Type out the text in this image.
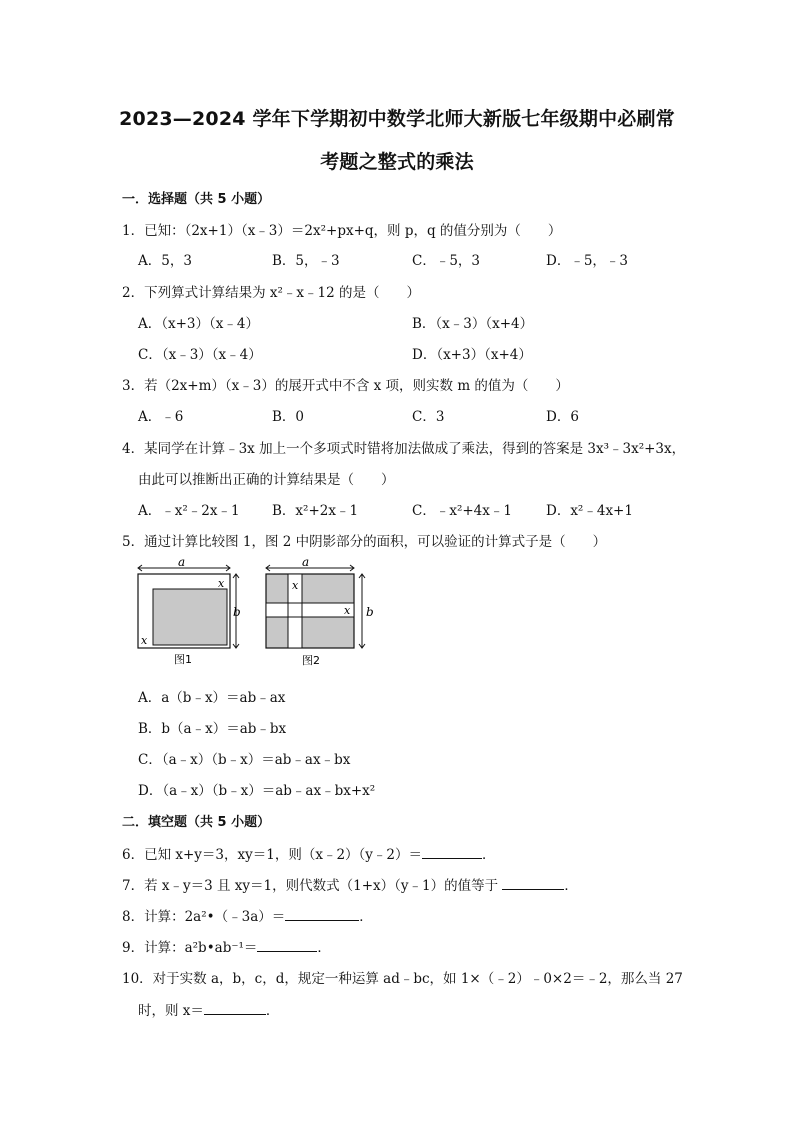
2023—2024 学年下学期初中数学北师大新版七年级期中必刷常
考题之整式的乘法
一．选择题（共 5 小题）
1．已知：（2x+1）（x﹣3）＝2x²+px+q，则 p，q 的值分别为（　　）
A．5，3	B．5，﹣3	C．﹣5，3	D．﹣5，﹣3
2．下列算式计算结果为 x²﹣x﹣12 的是（　　）
A．（x+3）（x﹣4）	B．（x﹣3）（x+4）
C．（x﹣3）（x﹣4）	D．（x+3）（x+4）
3．若（2x+m）（x﹣3）的展开式中不含 x 项，则实数 m 的值为（　　）
A．﹣6	B．0	C．3	D．6
4．某同学在计算﹣3x 加上一个多项式时错将加法做成了乘法，得到的答案是 3x³﹣3x²+3x，
由此可以推断出正确的计算结果是（　　）
A．﹣x²﹣2x﹣1 B．x²+2x﹣1	C．﹣x²+4x﹣1	D．x²﹣4x+1
5．通过计算比较图 1，图 2 中阴影部分的面积，可以验证的计算式子是（　　）
a
b
x
x
图1
a
b
x
x
图2
A．a（b﹣x）＝ab﹣ax
B．b（a﹣x）＝ab﹣bx
C．（a﹣x）（b﹣x）＝ab﹣ax﹣bx
D．（a﹣x）（b﹣x）＝ab﹣ax﹣bx+x²
二．填空题（共 5 小题）
6．已知 x+y＝3，xy＝1，则（x﹣2）（y﹣2）＝	．
7．若 x﹣y＝3 且 xy＝1，则代数式（1+x）（y﹣1）的值等于	．
8．计算：2a²•（﹣3a）＝	．
9．计算：a²b•ab⁻¹＝	．
10．对于实数 a，b，c，d，规定一种运算 ad﹣bc，如 1×（﹣2）﹣0×2＝﹣2，那么当 27
时，则 x＝	．
